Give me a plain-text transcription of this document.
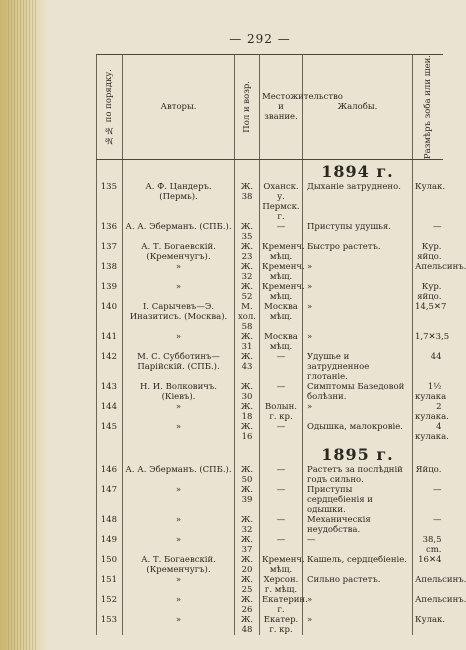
— 292 —
№№ по порядку.	Авторы.	Пол и возр.	Местожительство и звание.	Жалобы.	Размѣръ зоба или шеи.

				1894 г.	
135	А. Ф. Цандеръ. (Пермь).	Ж. 38	Оханск. у. Пермск. г.	Дыханіе затруднено.	Кулак.
136	А. А. Эберманъ. (СПБ.).	Ж. 35	—	Приступы удушья.	—
137	А. Т. Богаевскій. (Кременчугъ).	Ж. 23	Кременч. мѣщ.	Быстро растетъ.	Кур. яйцо.
138	»	Ж. 32	Кременч. мѣщ.	»	Апельсинъ.
139	»	Ж. 52	Кременч. мѣщ.	»	Кур. яйцо.
140	І. Сарычевъ—Э. Иназитисъ. (Москва).	М. хол. 58	Москва мѣщ.	»	14,5✕7
141	»	Ж. 31	Москва мѣщ.	»	1,7✕3,5
142	М. С. Субботинъ—Парійскій. (СПБ.).	Ж. 43	—	Удушье и затрудненное глотаніе.	44
143	Н. И. Волковичъ. (Кіевъ).	Ж. 30	—	Симптомы Базедовой болѣзни.	1½ кулака
144	»	Ж. 18	Волын. г. кр.	»	2 кулака.
145	»	Ж. 16	—	Одышка, малокровіе.	4 кулака.
				1895 г.	
146	А. А. Эберманъ. (СПБ.).	Ж. 50	—	Растетъ за послѣдній годъ сильно.	Яйцо.
147	»	Ж. 39	—	Приступы сердцебіенія и одышки.	—
148	»	Ж. 32	—	Механическія неудобства.	—
149	»	Ж. 37	—	—	38,5 сm.
150	А. Т. Богаевскій. (Кременчугъ).	Ж. 20	Кременч. мѣщ.	Кашель, сердцебіеніе.	16✕4
151	»	Ж. 25	Херсон. г. мѣщ.	Сильно растетъ.	Апельсинъ.
152	»	Ж. 26	Екатерин. г.	»	Апельсинъ.
153	»	Ж. 48	Екатер. г. кр.	»	Кулак.
